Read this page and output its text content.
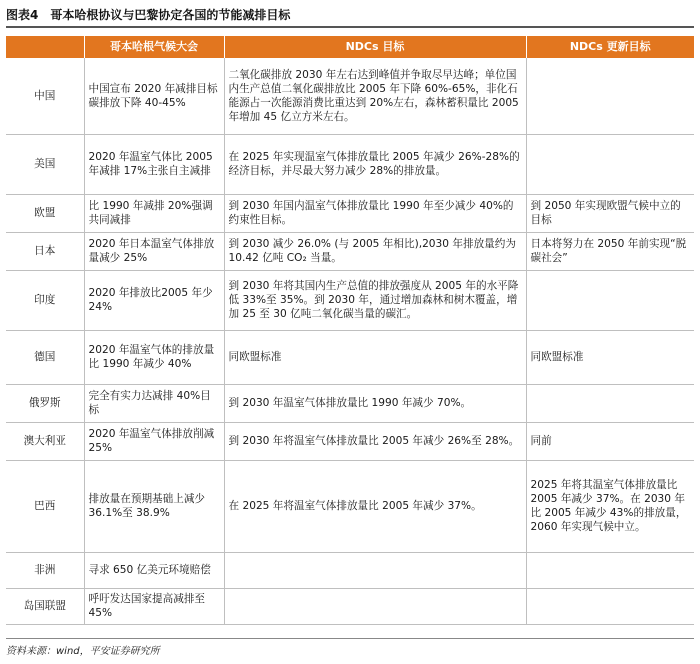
图表4 哥本哈根协议与巴黎协定各国的节能减排目标
	哥本哈根气候大会	NDCs 目标	NDCs 更新目标
中国	中国宣布 2020 年减排目标 碳排放下降 40-45%	二氧化碳排放 2030 年左右达到峰值并争取尽早达峰；单位国内生产总值二氧化碳排放比 2005 年下降 60%-65%，非化石能源占一次能源消费比重达到 20%左右，森林蓄积量比 2005 年增加 45 亿立方米左右。	
美国	2020 年温室气体比 2005 年减排 17%主张自主减排	在 2025 年实现温室气体排放量比 2005 年减少 26%-28%的经济目标，并尽最大努力减少 28%的排放量。	
欧盟	比 1990 年减排 20%强调共同减排	到 2030 年国内温室气体排放量比 1990 年至少减少 40%的约束性目标。	到 2050 年实现欧盟气候中立的目标
日本	2020 年日本温室气体排放量减少 25%	到 2030 减少 26.0% (与 2005 年相比),2030 年排放量约为 10.42 亿吨 CO₂ 当量。	日本将努力在 2050 年前实现“脱碳社会”
印度	2020 年排放比2005 年少 24%	到 2030 年将其国内生产总值的排放强度从 2005 年的水平降低 33%至 35%。到 2030 年，通过增加森林和树木覆盖，增加 25 至 30 亿吨二氧化碳当量的碳汇。	
德国	2020 年温室气体的排放量比 1990 年减少 40%	同欧盟标准	同欧盟标准
俄罗斯	完全有实力达减排 40%目标	到 2030 年温室气体排放量比 1990 年减少 70%。	
澳大利亚	2020 年温室气体排放削减 25%	到 2030 年将温室气体排放量比 2005 年减少 26%至 28%。	同前
巴西	排放量在预期基础上减少 36.1%至 38.9%	在 2025 年将温室气体排放量比 2005 年减少 37%。	2025 年将其温室气体排放量比 2005 年减少 37%。在 2030 年比 2005 年减少 43%的排放量，2060 年实现气候中立。
非洲	寻求 650 亿美元环境赔偿		
岛国联盟	呼吁发达国家提高减排至 45%		
资料来源：wind，平安证券研究所
